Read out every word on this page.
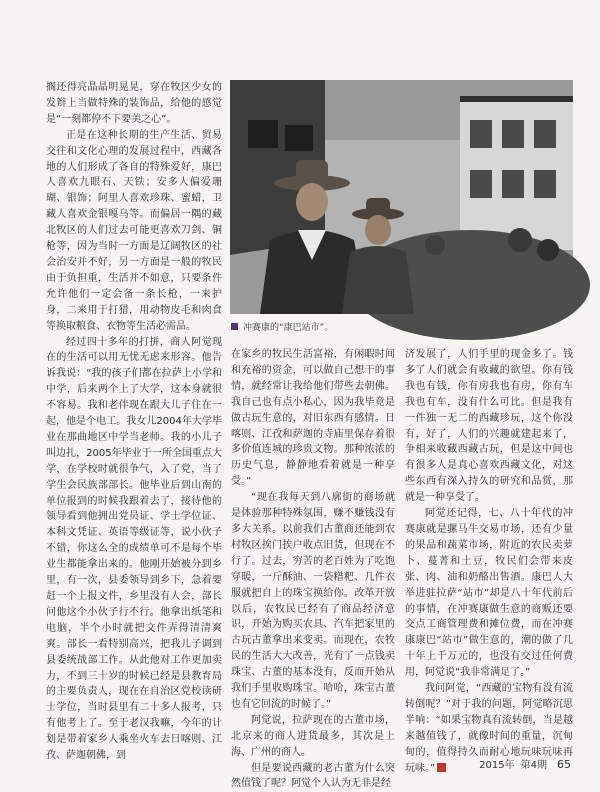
搁还得亮晶晶明晃晃，穿在牧区少女的发辫上当做特殊的装饰品，给他的感觉是“一刻都停不下要美之心”。

正是在这种长期的生产生活、贸易交往和文化心理的发展过程中，西藏各地的人们形成了各自的特殊爱好，康巴人喜欢九眼石、天铁；安多人偏爱珊瑚、银饰；阿里人喜欢珍珠、蜜蜡，卫藏人喜欢金银嘎乌等。而偏居一隅的藏北牧区的人们过去可能更喜欢刀剑、铜枪等，因为当时一方面是辽阔牧区的社会治安并不好，另一方面是一般的牧民由于负担重，生活并不如意，只要条件允许他们一定会备一条长枪，一来护身，二来用于打猎，用动物皮毛和肉食等换取粮食、衣物等生活必需品。

经过四十多年的打拼，商人阿觉现在的生活可以用无忧无虑来形容。他告诉我说：“我的孩子们都在拉萨上小学和中学，后来两个上了大学，这本身就很不容易。我和老伴现在跟大儿子住在一起，他是个电工。我女儿2004年大学毕业在那曲地区中学当老师。我的小儿子叫边扎，2005年毕业于一所全国重点大学，在学校时就很争气，入了党，当了学生会民族部部长。他毕业后到山南的单位报到的时候我跟着去了，接待他的领导看到他拥出党员证、学士学位证、本科文凭证、英语等级证等，说小伙子不错，你这么全的成绩单可不是每个毕业生都能拿出来的。他刚开始被分到乡里，有一次，县委领导到乡下，急着要赶一个上报文件，乡里没有人会，部长问他这个小伙子行不行。他拿出纸笔和电脑，半个小时就把文件弄得清清爽爽。部长一看特别高兴，把我儿子调到县委统战部工作。从此他对工作更加卖力，不到三十岁的时候已经是县教育局的主要负责人，现在在自治区党校读研士学位，当时县里有二十多人报考，只有他考上了。至于老汉我嘛，今年的计划是带着家乡人乘坐火车去日喀则、江孜、萨迦朝佛，到

冲赛康的“康巴站市”。

在家乡的牧民生活富裕，有闲暇时间和充裕的资金，可以做自己想干的事情，就经常让我给他们带些去朝佛。我自己也有点小私心，因为我毕竟是做古玩生意的，对旧东西有感情。日喀则、江孜和萨迦的寺庙里保存着很多价值连城的珍贵文物。那种浓浓的历史气息，静静地看着就是一种享受。”

“现在我每天到八廓街的商场就是体验那种特殊氛围，赚不赚钱没有多大关系。以前我们古董商还能到农村牧区挨门挨户收点旧货，但现在不行了。过去，穷苦的老百姓为了吃饱穿暖，一斤酥油、一袋糌粑、几件衣服就把自上的珠宝换给你。改革开放以后，农牧民已经有了商品经济意识，开始为购买农具、汽车把家里的古玩古董拿出来变卖。而现在，农牧民的生活大大改善，光有了一点钱卖珠宝、古董的基本没有，反而开始从我们手里收购珠宝。哈哈，珠宝古董也有它回流的时候了。”

阿觉说，拉萨现在的古董市场，北京来的商人进货最多，其次是上海、广州的商人。

但是要说西藏的老古董为什么突然值钱了呢？阿觉个人认为无非是经

济发展了，人们手里的现金多了。钱多了人们就会有收藏的欲望。你有钱我也有钱，你有房我也有房，你有车我也有车，没有什么可比。但是我有一件独一无二的西藏珍玩，这个你没有，好了，人们的兴趣就建起来了，争相来收藏西藏古玩，但是这中间也有很多人是真心喜欢西藏文化，对这些东西有深入持久的研究和品赏，那就是一种享受了。

阿觉还记得，七、八十年代的冲赛康就是骡马牛交易市场，还有少量的果品和蔬菜市场，附近的农民卖萝卜、蔓菁和土豆，牧民们会带来皮张、肉、油和奶酪出售酒。康巴人大举进驻拉萨“站市”却是八十年代前后的事情，在冲赛康做生意的商贩还要交点工商管理费和摊位费，而在冲赛康康巴“站市”做生意的，潮的做了几十年上千万元的，也没有交过任何费用，阿觉说“我非常满足了。”

我问阿觉，“西藏的宝物有没有流转倒呢？”对于我的问题，阿觉略沉思半响：“如果宝物真有流转倒，当是越来越值钱了，就像时间的重量，沉甸甸的，值得持久而耐心地玩味玩味再玩味。”	2015年 第4期 65
